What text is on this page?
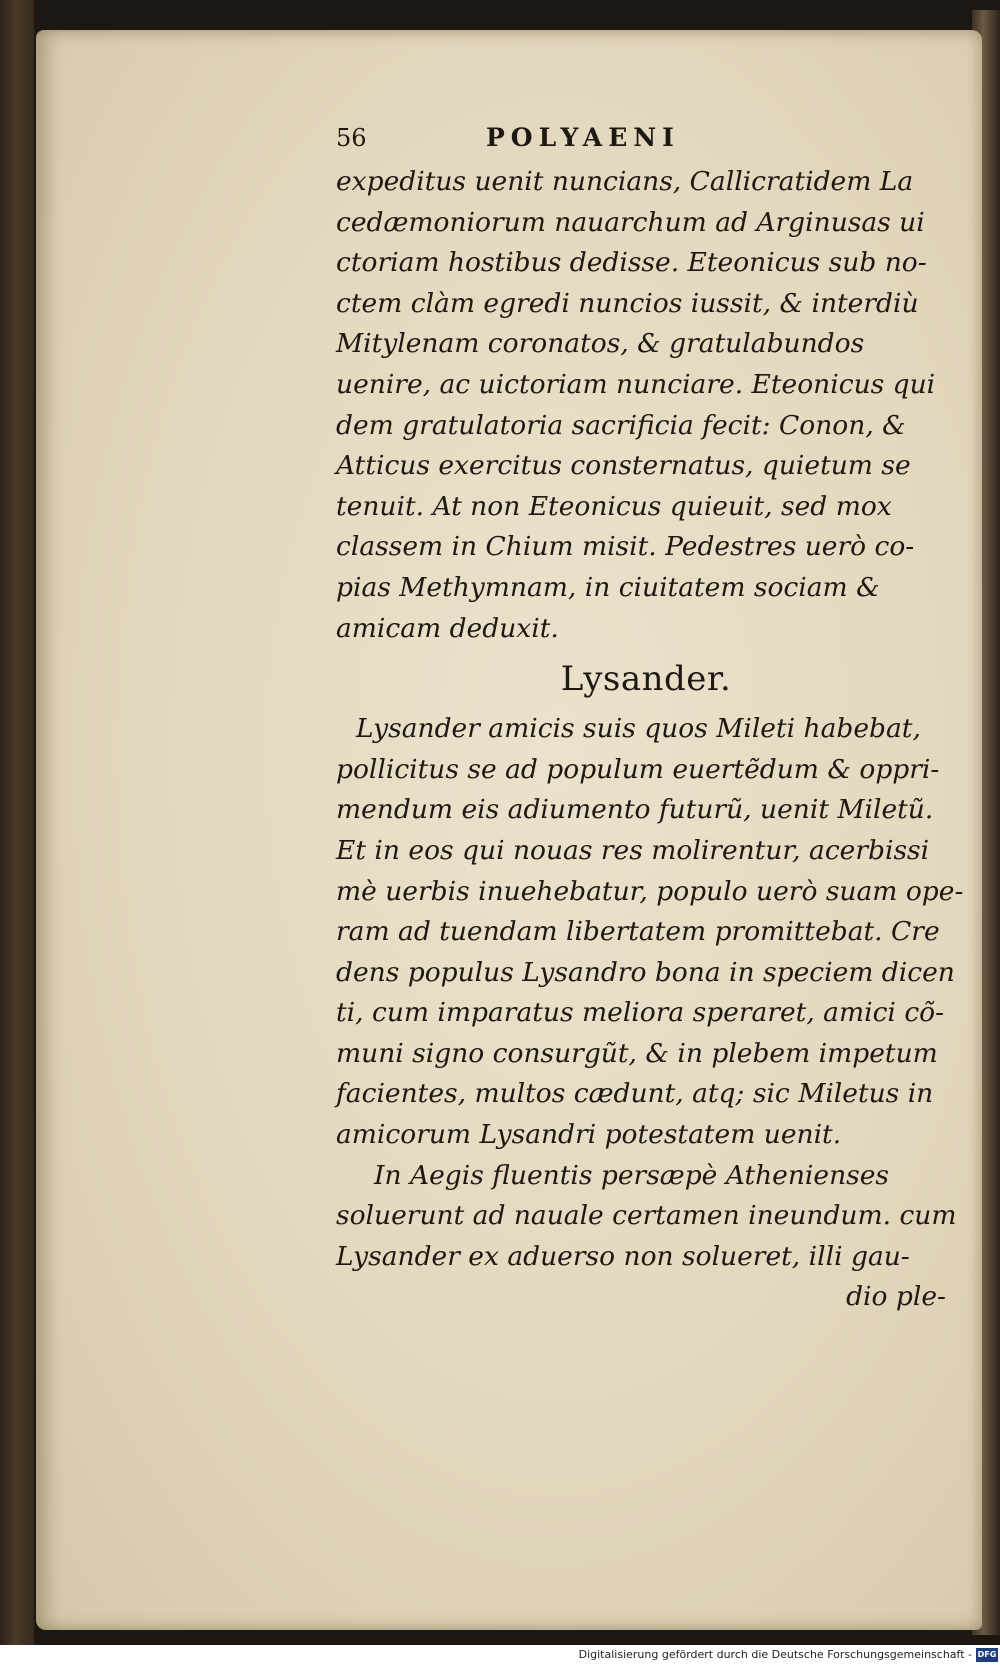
56	POLYAENI
expeditus uenit nuncians, Callicratidem La
cedæmoniorum nauarchum ad Arginusas ui
ctoriam hostibus dedisse. Eteonicus sub no-
ctem clàm egredi nuncios iussit, & interdiù
Mitylenam coronatos, & gratulabundos
uenire, ac uictoriam nunciare. Eteonicus qui
dem gratulatoria sacrificia fecit: Conon, &
Atticus exercitus consternatus, quietum se
tenuit. At non Eteonicus quieuit, sed mox
classem in Chium misit. Pedestres uerò co-
pias Methymnam, in ciuitatem sociam &
amicam deduxit.
Lysander.
Lysander amicis suis quos Mileti habebat,
pollicitus se ad populum euertẽdum & oppri-
mendum eis adiumento futurũ, uenit Miletũ.
Et in eos qui nouas res molirentur, acerbissi
mè uerbis inuehebatur, populo uerò suam ope-
ram ad tuendam libertatem promittebat. Cre
dens populus Lysandro bona in speciem dicen
ti, cum imparatus meliora speraret, amici cõ-
muni signo consurgũt, & in plebem impetum
facientes, multos cædunt, atq; sic Miletus in
amicorum Lysandri potestatem uenit.
In Aegis fluentis persæpè Athenienses
soluerunt ad nauale certamen ineundum. cum
Lysander ex aduerso non solueret, illi gau-
dio ple-
Digitalisierung gefördert durch die Deutsche Forschungsgemeinschaft - DFG
